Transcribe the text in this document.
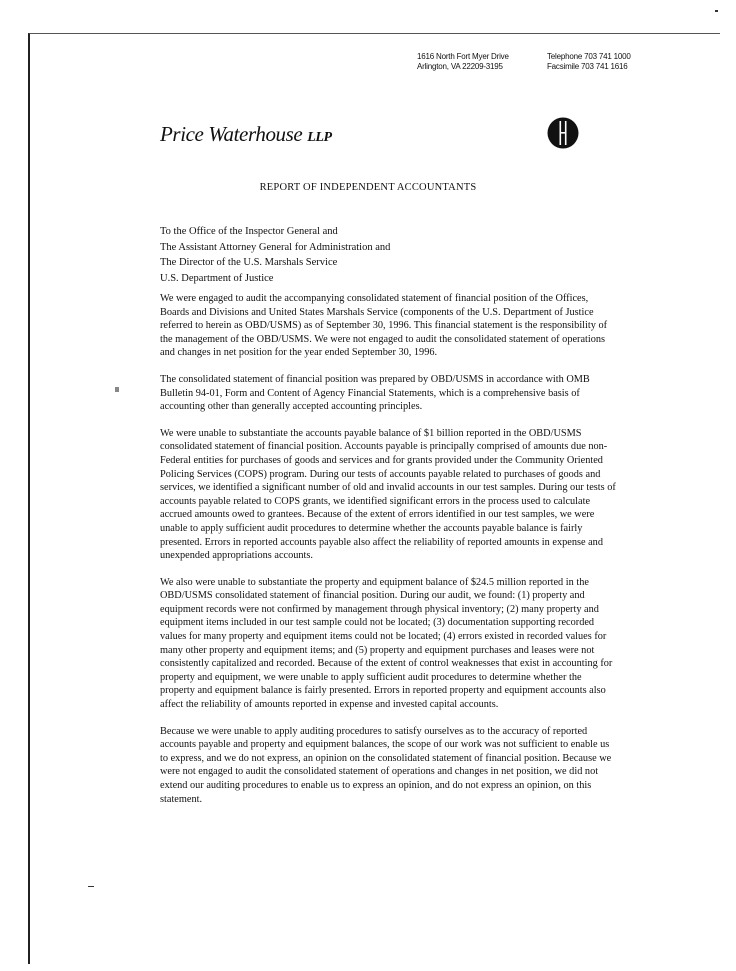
1616 North Fort Myer Drive
Arlington, VA 22209-3195
Telephone 703 741 1000
Facsimile 703 741 1616
Price Waterhouse LLP
REPORT OF INDEPENDENT ACCOUNTANTS
To the Office of the Inspector General and
The Assistant Attorney General for Administration and
The Director of the U.S. Marshals Service
U.S. Department of Justice

We were engaged to audit the accompanying consolidated statement of financial position of the Offices, Boards and Divisions and United States Marshals Service (components of the U.S. Department of Justice referred to herein as OBD/USMS) as of September 30, 1996. This financial statement is the responsibility of the management of the OBD/USMS. We were not engaged to audit the consolidated statement of operations and changes in net position for the year ended September 30, 1996.

The consolidated statement of financial position was prepared by OBD/USMS in accordance with OMB Bulletin 94-01, Form and Content of Agency Financial Statements, which is a comprehensive basis of accounting other than generally accepted accounting principles.

We were unable to substantiate the accounts payable balance of $1 billion reported in the OBD/USMS consolidated statement of financial position. Accounts payable is principally comprised of amounts due non-Federal entities for purchases of goods and services and for grants provided under the Community Oriented Policing Services (COPS) program. During our tests of accounts payable related to purchases of goods and services, we identified a significant number of old and invalid accounts in our test samples. During our tests of accounts payable related to COPS grants, we identified significant errors in the process used to calculate accrued amounts owed to grantees. Because of the extent of errors identified in our test samples, we were unable to apply sufficient audit procedures to determine whether the accounts payable balance is fairly presented. Errors in reported accounts payable also affect the reliability of reported amounts in expense and unexpended appropriations accounts.

We also were unable to substantiate the property and equipment balance of $24.5 million reported in the OBD/USMS consolidated statement of financial position. During our audit, we found: (1) property and equipment records were not confirmed by management through physical inventory; (2) many property and equipment items included in our test sample could not be located; (3) documentation supporting recorded values for many property and equipment items could not be located; (4) errors existed in recorded values for many other property and equipment items; and (5) property and equipment purchases and leases were not consistently capitalized and recorded. Because of the extent of control weaknesses that exist in accounting for property and equipment, we were unable to apply sufficient audit procedures to determine whether the property and equipment balance is fairly presented. Errors in reported property and equipment accounts also affect the reliability of amounts reported in expense and invested capital accounts.

Because we were unable to apply auditing procedures to satisfy ourselves as to the accuracy of reported accounts payable and property and equipment balances, the scope of our work was not sufficient to enable us to express, and we do not express, an opinion on the consolidated statement of financial position. Because we were not engaged to audit the consolidated statement of operations and changes in net position, we did not extend our auditing procedures to enable us to express an opinion, and do not express an opinion, on this statement.
